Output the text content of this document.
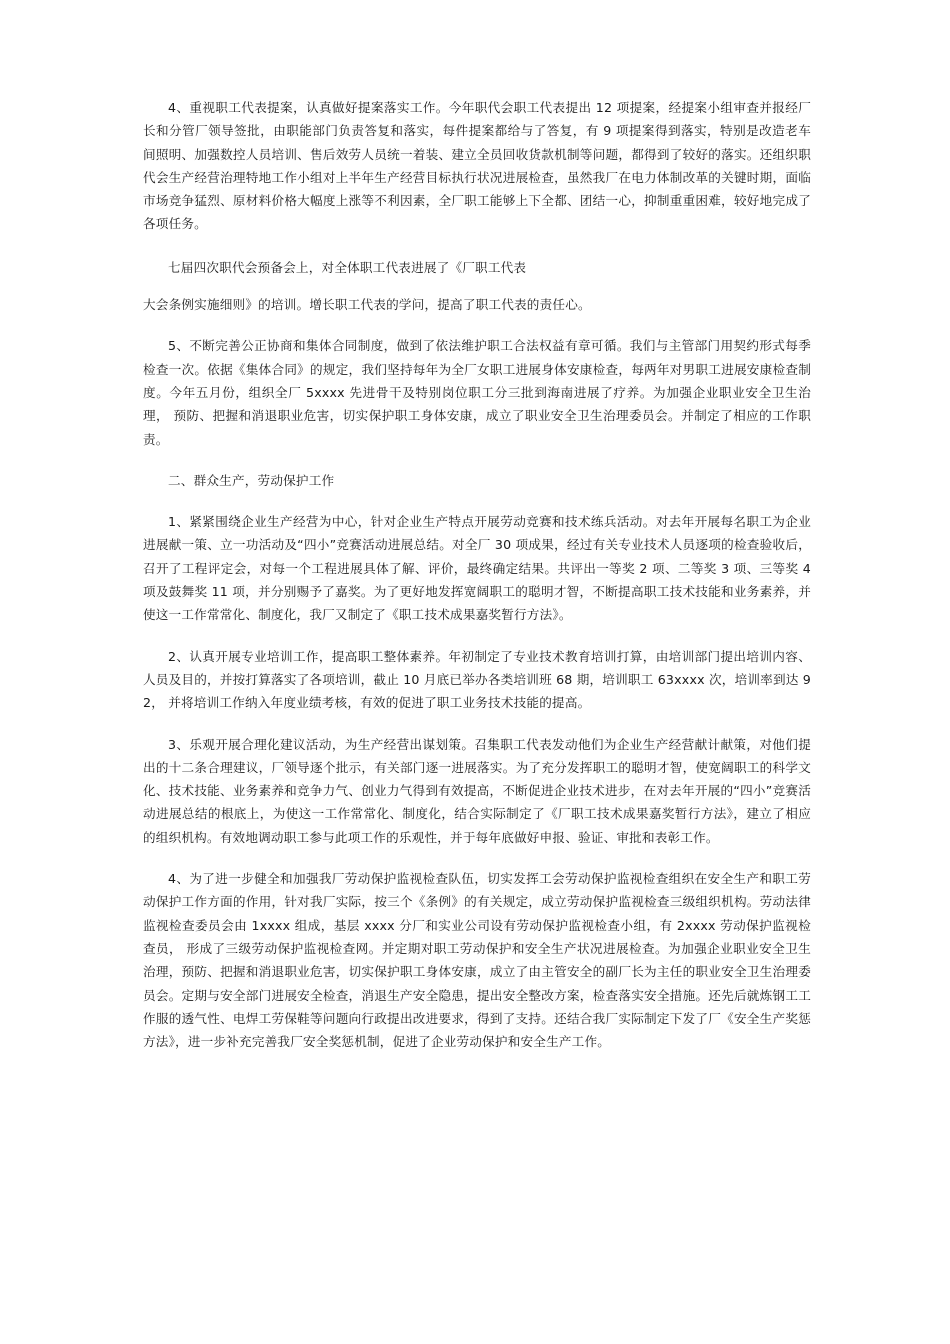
4、重视职工代表提案，认真做好提案落实工作。今年职代会职工代表提出 12 项提案，经提案小组审查并报经厂长和分管厂领导签批，由职能部门负责答复和落实，每件提案都给与了答复，有 9 项提案得到落实，特别是改造老车间照明、加强数控人员培训、售后效劳人员统一着装、建立全员回收货款机制等问题，都得到了较好的落实。还组织职代会生产经营治理特地工作小组对上半年生产经营目标执行状况进展检查，虽然我厂在电力体制改革的关键时期，面临市场竞争猛烈、原材料价格大幅度上涨等不利因素，全厂职工能够上下全都、团结一心，抑制重重困难，较好地完成了各项任务。

七届四次职代会预备会上，对全体职工代表进展了《厂职工代表

大会条例实施细则》的培训。增长职工代表的学问，提高了职工代表的责任心。

5、不断完善公正协商和集体合同制度，做到了依法维护职工合法权益有章可循。我们与主管部门用契约形式每季检查一次。依据《集体合同》的规定，我们坚持每年为全厂女职工进展身体安康检查，每两年对男职工进展安康检查制度。今年五月份，组织全厂 5xxxx 先进骨干及特别岗位职工分三批到海南进展了疗养。为加强企业职业安全卫生治理， 预防、把握和消退职业危害，切实保护职工身体安康，成立了职业安全卫生治理委员会。并制定了相应的工作职责。

二、群众生产，劳动保护工作

1、紧紧围绕企业生产经营为中心，针对企业生产特点开展劳动竞赛和技术练兵活动。对去年开展每名职工为企业进展献一策、立一功活动及“四小”竞赛活动进展总结。对全厂 30 项成果，经过有关专业技术人员逐项的检查验收后，召开了工程评定会，对每一个工程进展具体了解、评价，最终确定结果。共评出一等奖 2 项、二等奖 3 项、三等奖 4 项及鼓舞奖 11 项，并分别赐予了嘉奖。为了更好地发挥宽阔职工的聪明才智，不断提高职工技术技能和业务素养，并使这一工作常常化、制度化，我厂又制定了《职工技术成果嘉奖暂行方法》。

2、认真开展专业培训工作，提高职工整体素养。年初制定了专业技术教育培训打算，由培训部门提出培训内容、人员及目的，并按打算落实了各项培训，截止 10 月底已举办各类培训班 68 期，培训职工 63xxxx 次，培训率到达 92， 并将培训工作纳入年度业绩考核，有效的促进了职工业务技术技能的提高。

3、乐观开展合理化建议活动，为生产经营出谋划策。召集职工代表发动他们为企业生产经营献计献策，对他们提出的十二条合理建议，厂领导逐个批示，有关部门逐一进展落实。为了充分发挥职工的聪明才智，使宽阔职工的科学文化、技术技能、业务素养和竞争力气、创业力气得到有效提高，不断促进企业技术进步，在对去年开展的“四小”竞赛活动进展总结的根底上，为使这一工作常常化、制度化，结合实际制定了《厂职工技术成果嘉奖暂行方法》，建立了相应的组织机构。有效地调动职工参与此项工作的乐观性，并于每年底做好申报、验证、审批和表彰工作。

4、为了进一步健全和加强我厂劳动保护监视检查队伍，切实发挥工会劳动保护监视检查组织在安全生产和职工劳动保护工作方面的作用，针对我厂实际，按三个《条例》的有关规定，成立劳动保护监视检查三级组织机构。劳动法律监视检查委员会由 1xxxx 组成，基层 xxxx 分厂和实业公司设有劳动保护监视检查小组，有 2xxxx 劳动保护监视检查员， 形成了三级劳动保护监视检查网。并定期对职工劳动保护和安全生产状况进展检查。为加强企业职业安全卫生治理，预防、把握和消退职业危害，切实保护职工身体安康，成立了由主管安全的副厂长为主任的职业安全卫生治理委员会。定期与安全部门进展安全检查，消退生产安全隐患，提出安全整改方案，检查落实安全措施。还先后就炼钢工工作服的透气性、电焊工劳保鞋等问题向行政提出改进要求，得到了支持。还结合我厂实际制定下发了厂《安全生产奖惩方法》，进一步补充完善我厂安全奖惩机制，促进了企业劳动保护和安全生产工作。
